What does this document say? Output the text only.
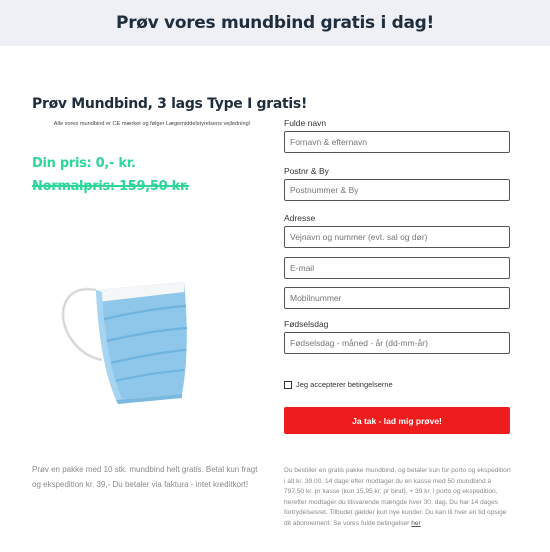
Prøv vores mundbind gratis i dag!
Prøv Mundbind, 3 lags Type I gratis!
Alle vores mundbind er CE mærket og følger Lægemiddelstyrelsens vejledning!
Din pris: 0,- kr.
Normalpris: 159,50 kr.
Prøv en pakke med 10 stk. mundbind helt gratis. Betal kun fragt og ekspedition kr. 39,- Du betaler via faktura - intet kreditkort!
Fulde navn
Fornavn & efternavn
Postnr & By
Postnummer & By
Adresse
Vejnavn og nummer (evt. sal og dør)
E-mail
Mobilnummer
Fødselsdag
Fødselsdag - måned - år (dd-mm-år)
Jeg accepterer betingelserne
Ja tak - lad mig prøve!
Du bestiller en gratis pakke mundbind, og betaler kun for porto og ekspedition i alt kr. 39,00. 14 dage efter modtager du en kasse med 50 mundbind à 797,50 kr. pr kasse (kun 15,95 kr. pr bind). + 39 kr. i porto og ekspedition, herefter modtager du tilsvarende mængde hver 30. dag. Du har 14 dages fortrydelsesret. Tilbudet gælder kun nye kunder. Du kan til hver en tid opsige dit abonnement. Se vores fulde betingelser her
